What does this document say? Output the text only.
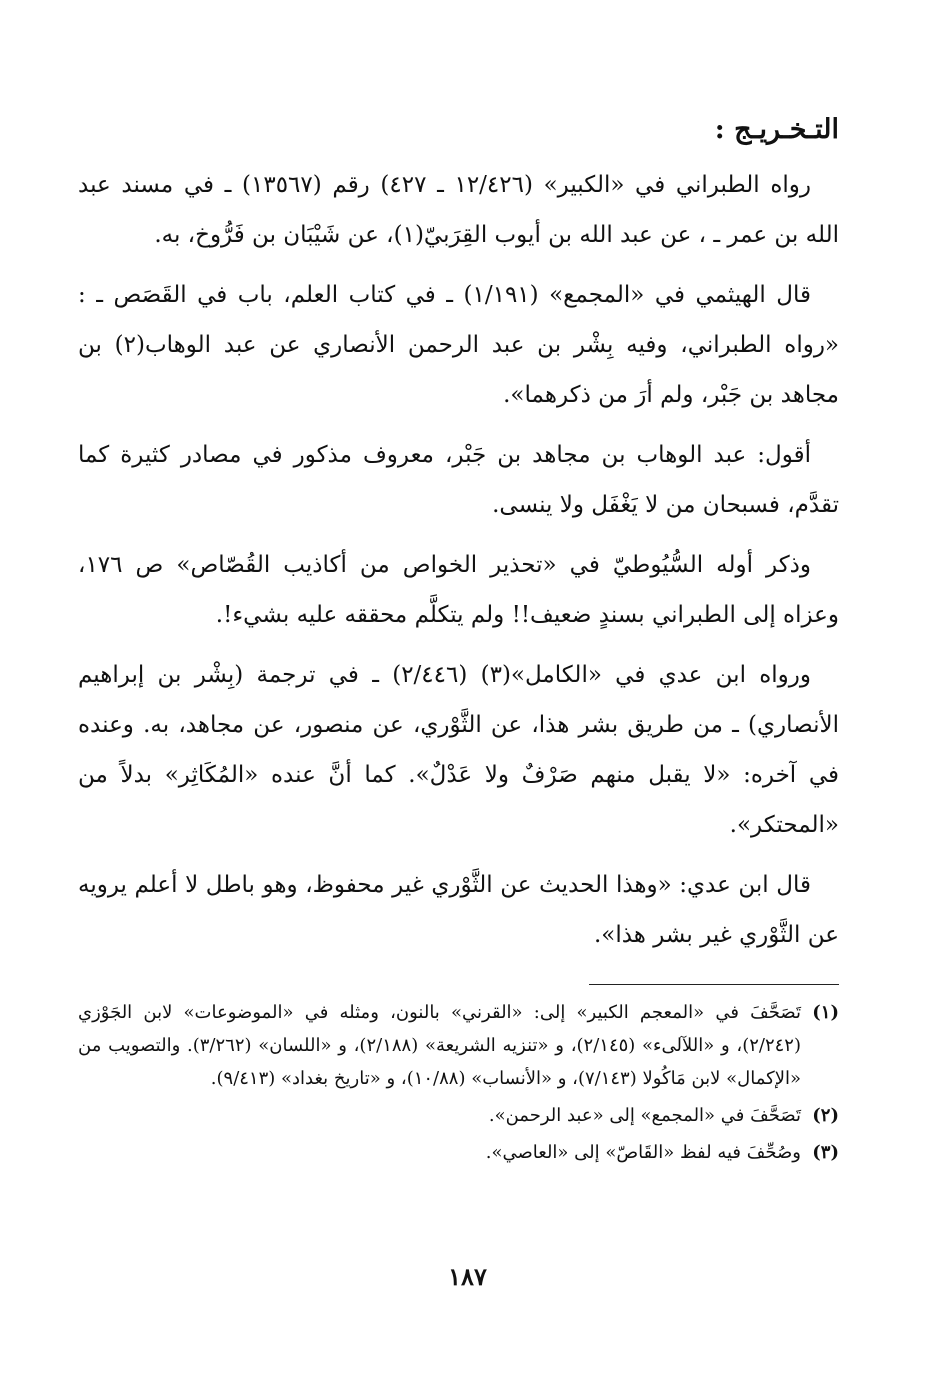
التـخـريـج :

رواه الطبراني في «الكبير» (١٢/٤٢٦ ـ ٤٢٧) رقم (١٣٥٦٧) ـ في مسند عبد الله بن عمر ـ ، عن عبد الله بن أيوب القِرَبيّ(١)، عن شَيْبَان بن فَرُّوخ، به.

قال الهيثمي في «المجمع» (١/١٩١) ـ في كتاب العلم، باب في القَصَص ـ : «رواه الطبراني، وفيه بِشْر بن عبد الرحمن الأنصاري عن عبد الوهاب(٢) بن مجاهد بن جَبْر، ولم أرَ من ذكرهما».

أقول: عبد الوهاب بن مجاهد بن جَبْر، معروف مذكور في مصادر كثيرة كما تقدَّم، فسبحان من لا يَغْفَل ولا ينسى.

وذكر أوله السُّيُوطيّ في «تحذير الخواص من أكاذيب القُصّاص» ص ١٧٦، وعزاه إلى الطبراني بسندٍ ضعيف!! ولم يتكلَّم محققه عليه بشيء!.

ورواه ابن عدي في «الكامل»(٣) (٢/٤٤٦) ـ في ترجمة (بِشْر بن إبراهيم الأنصاري) ـ من طريق بشر هذا، عن الثَّوْري، عن منصور، عن مجاهد، به. وعنده في آخره: «لا يقبل منهم صَرْفٌ ولا عَدْلٌ». كما أنَّ عنده «المُكَاثِر» بدلاً من «المحتكر».

قال ابن عدي: «وهذا الحديث عن الثَّوْري غير محفوظ، وهو باطل لا أعلم يرويه عن الثَّوْري غير بشر هذا».

(١)
تَصَحَّفَ في «المعجم الكبير» إلى: «القرني» بالنون، ومثله في «الموضوعات» لابن الجَوْزي (٢/٢٤٢)، و «اللآلىء» (٢/١٤٥)، و «تنزيه الشريعة» (٢/١٨٨)، و «اللسان» (٣/٢٦٢). والتصويب من «الإكمال» لابن مَاكُولا (٧/١٤٣)، و «الأنساب» (١٠/٨٨)، و «تاريخ بغداد» (٩/٤١٣).
(٢)
تَصَحَّفَ في «المجمع» إلى «عبد الرحمن».
(٣)
وصُحِّفَ فيه لفظ «القَاصّ» إلى «العاصي».
١٨٧
